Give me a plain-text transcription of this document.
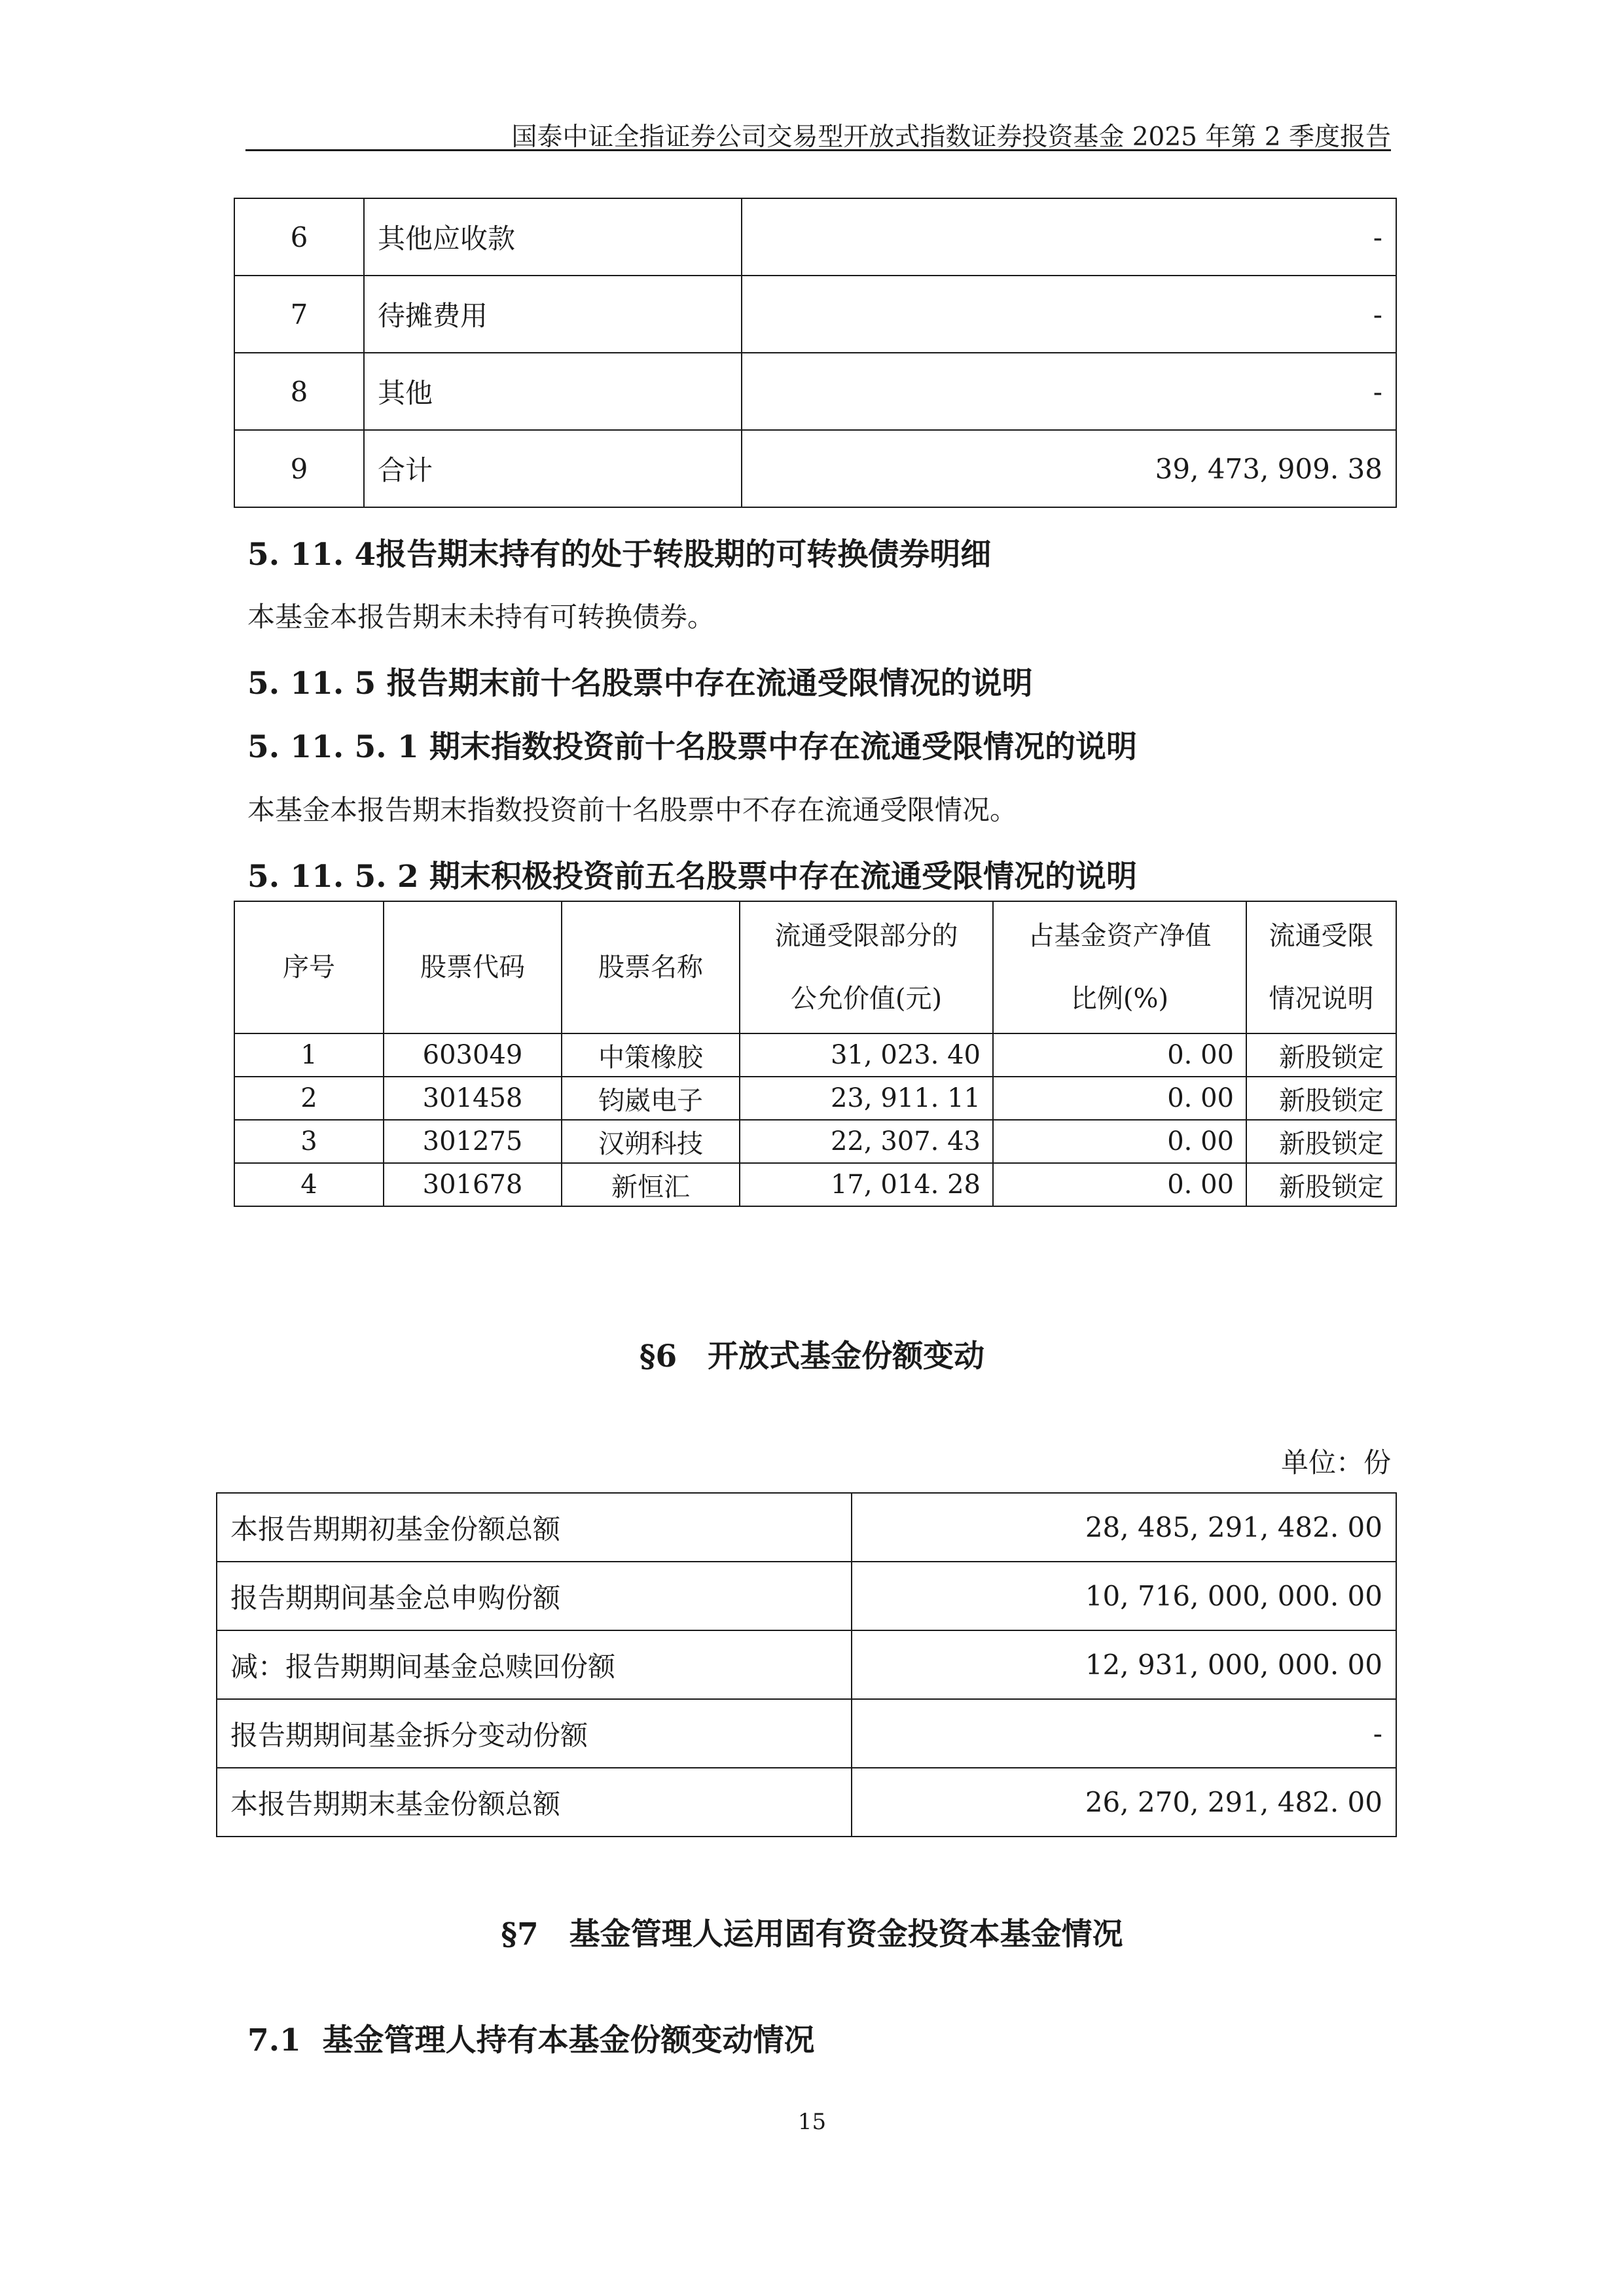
国泰中证全指证券公司交易型开放式指数证券投资基金 2025 年第 2 季度报告
6	其他应收款	-
7	待摊费用	-
8	其他	-
9	合计	39, 473, 909. 38
5. 11. 4报告期末持有的处于转股期的可转换债券明细
本基金本报告期末未持有可转换债券。
5. 11. 5 报告期末前十名股票中存在流通受限情况的说明
5. 11. 5. 1 期末指数投资前十名股票中存在流通受限情况的说明
本基金本报告期末指数投资前十名股票中不存在流通受限情况。
5. 11. 5. 2 期末积极投资前五名股票中存在流通受限情况的说明
序号	股票代码	股票名称	流通受限部分的公允价值(元)	占基金资产净值比例(%)	流通受限情况说明
1	603049	中策橡胶	31, 023. 40	0. 00	新股锁定
2	301458	钧崴电子	23, 911. 11	0. 00	新股锁定
3	301275	汉朔科技	22, 307. 43	0. 00	新股锁定
4	301678	新恒汇	17, 014. 28	0. 00	新股锁定
§6　开放式基金份额变动
单位：份
本报告期期初基金份额总额	28, 485, 291, 482. 00
报告期期间基金总申购份额	10, 716, 000, 000. 00
减：报告期期间基金总赎回份额	12, 931, 000, 000. 00
报告期期间基金拆分变动份额	-
本报告期期末基金份额总额	26, 270, 291, 482. 00
§7　基金管理人运用固有资金投资本基金情况
7.1  基金管理人持有本基金份额变动情况
15
